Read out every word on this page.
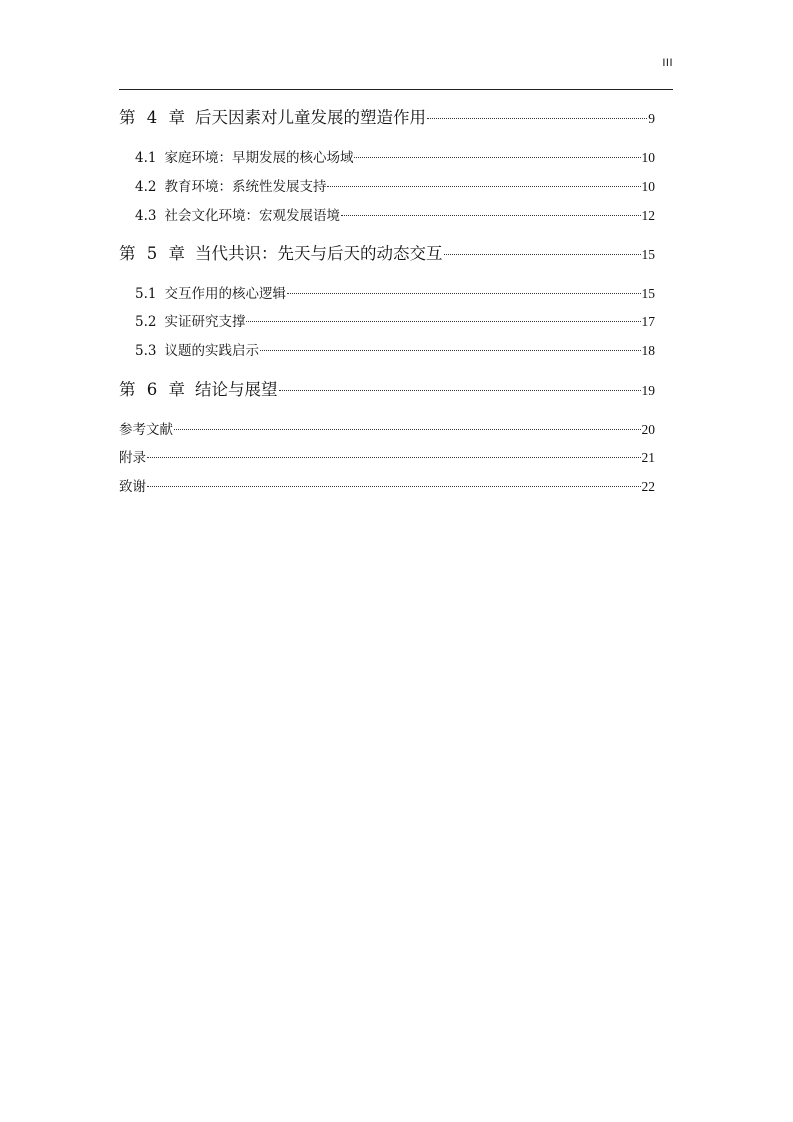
III
第 4 章 后天因素对儿童发展的塑造作用	9
4.1 家庭环境：早期发展的核心场域	10
4.2 教育环境：系统性发展支持	10
4.3 社会文化环境：宏观发展语境	12
第 5 章 当代共识：先天与后天的动态交互	15
5.1 交互作用的核心逻辑	15
5.2 实证研究支撑	17
5.3 议题的实践启示	18
第 6 章 结论与展望	19
参考文献	20
附录	21
致谢	22
